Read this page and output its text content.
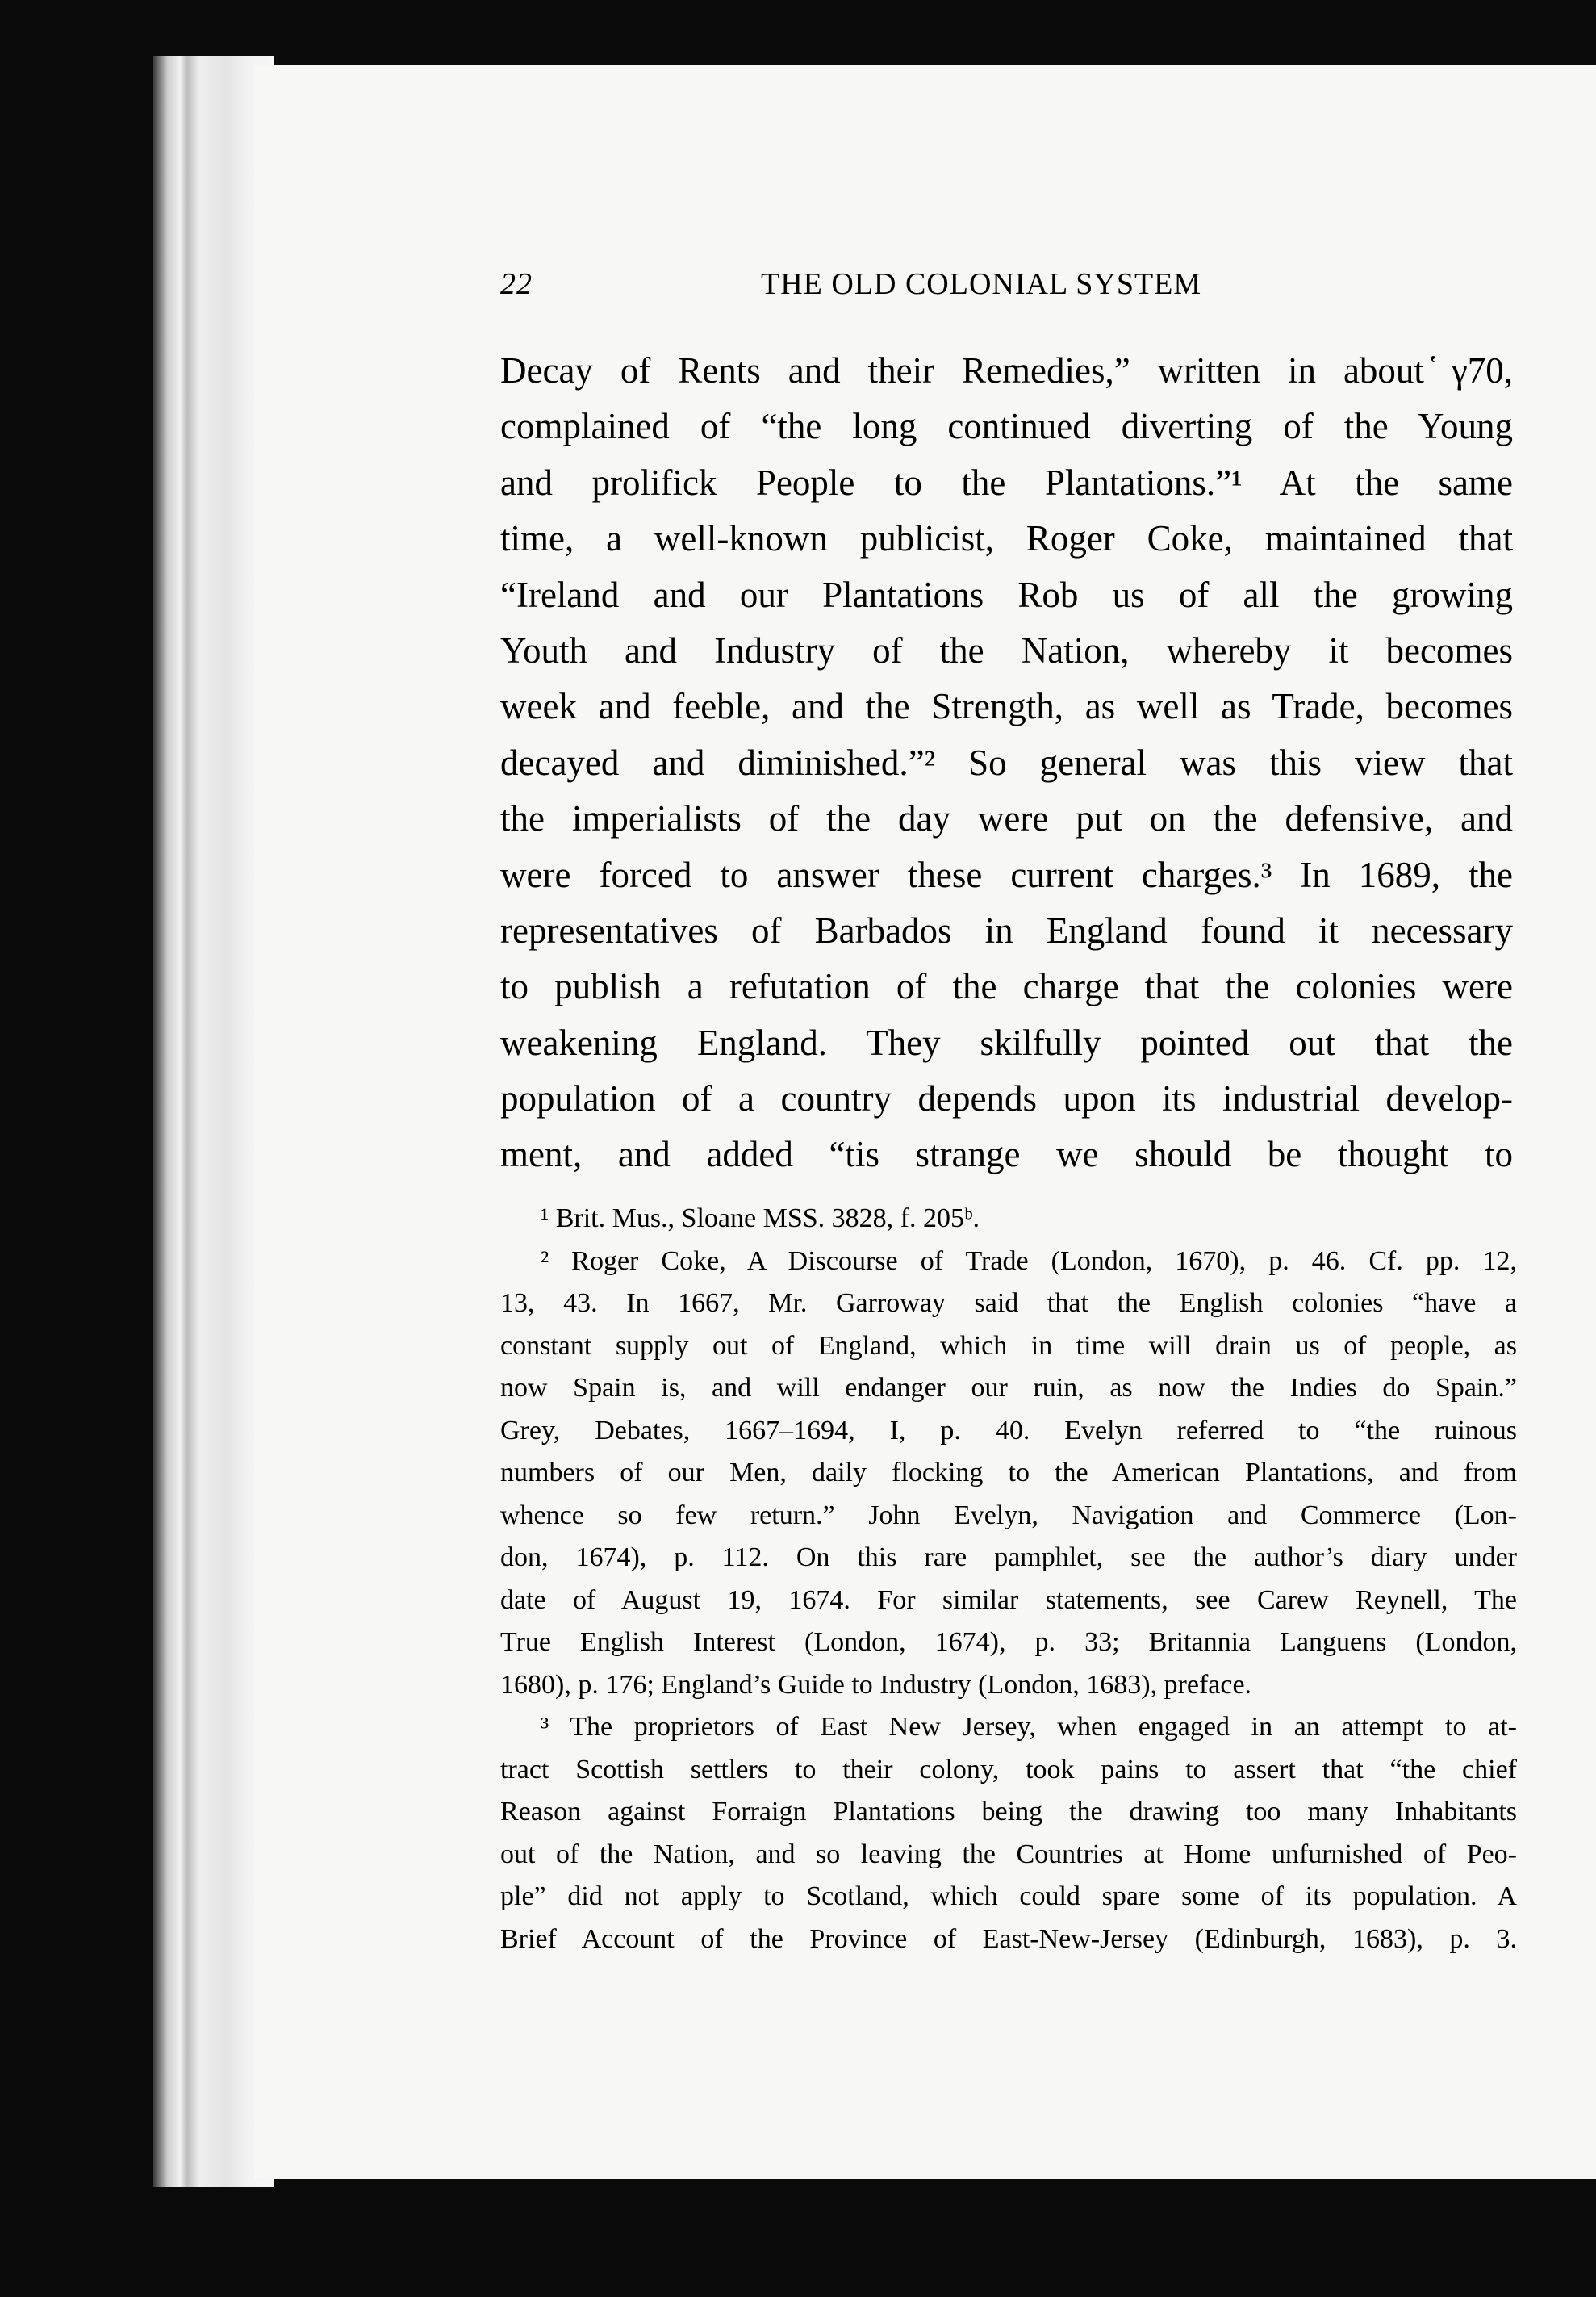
22	THE OLD COLONIAL SYSTEM
Decay of Rents and their Remedies,” written in about ҅γ70,
complained of “the long continued diverting of the Young
and prolifick People to the Plantations.”¹ At the same
time, a well-known publicist, Roger Coke, maintained that
“Ireland and our Plantations Rob us of all the growing
Youth and Industry of the Nation, whereby it becomes
week and feeble, and the Strength, as well as Trade, becomes
decayed and diminished.”² So general was this view that
the imperialists of the day were put on the defensive, and
were forced to answer these current charges.³ In 1689, the
representatives of Barbados in England found it necessary
to publish a refutation of the charge that the colonies were
weakening England. They skilfully pointed out that the
population of a country depends upon its industrial develop-
ment, and added “tis strange we should be thought to
¹ Brit. Mus., Sloane MSS. 3828, f. 205ᵇ.
² Roger Coke, A Discourse of Trade (London, 1670), p. 46. Cf. pp. 12,
13, 43. In 1667, Mr. Garroway said that the English colonies “have a
constant supply out of England, which in time will drain us of people, as
now Spain is, and will endanger our ruin, as now the Indies do Spain.”
Grey, Debates, 1667–1694, I, p. 40. Evelyn referred to “the ruinous
numbers of our Men, daily flocking to the American Plantations, and from
whence so few return.” John Evelyn, Navigation and Commerce (Lon-
don, 1674), p. 112. On this rare pamphlet, see the author’s diary under
date of August 19, 1674. For similar statements, see Carew Reynell, The
True English Interest (London, 1674), p. 33; Britannia Languens (London,
1680), p. 176; England’s Guide to Industry (London, 1683), preface.
³ The proprietors of East New Jersey, when engaged in an attempt to at-
tract Scottish settlers to their colony, took pains to assert that “the chief
Reason against Forraign Plantations being the drawing too many Inhabitants
out of the Nation, and so leaving the Countries at Home unfurnished of Peo-
ple” did not apply to Scotland, which could spare some of its population. A
Brief Account of the Province of East-New-Jersey (Edinburgh, 1683), p. 3.
